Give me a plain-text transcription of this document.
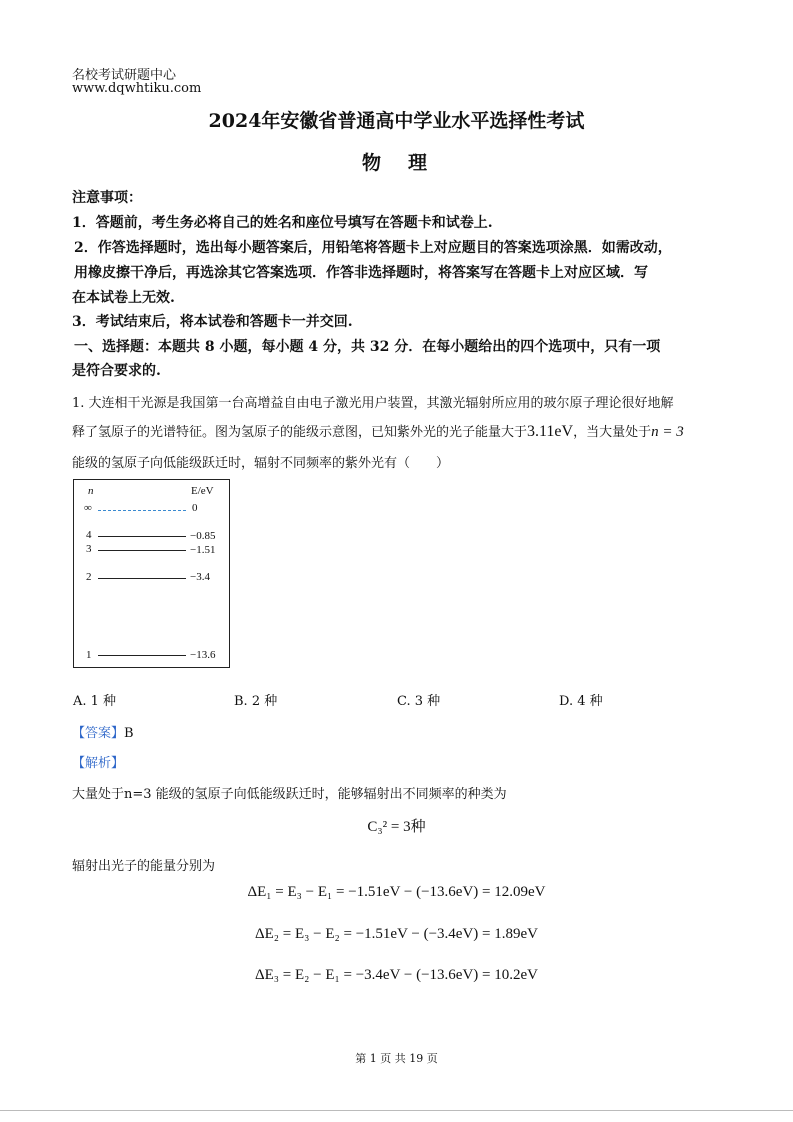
名校考试研题中心
www.dqwhtiku.com
2024年安徽省普通高中学业水平选择性考试
物　理
注意事项：
1．答题前，考生务必将自己的姓名和座位号填写在答题卡和试卷上.
2．作答选择题时，选出每小题答案后，用铅笔将答题卡上对应题目的答案选项涂黑．如需改动，
用橡皮擦干净后，再选涂其它答案选项．作答非选择题时，将答案写在答题卡上对应区域．写
在本试卷上无效.
3．考试结束后，将本试卷和答题卡一并交回.
一、选择题：本题共 8 小题，每小题 4 分，共 32 分．在每小题给出的四个选项中，只有一项
是符合要求的.
1. 大连相干光源是我国第一台高增益自由电子激光用户装置，其激光辐射所应用的玻尔原子理论很好地解
释了氢原子的光谱特征。图为氢原子的能级示意图，已知紫外光的光子能量大于3.11eV，当大量处于n = 3
能级的氢原子向低能级跃迁时，辐射不同频率的紫外光有（　　）
n	E/eV
∞	0
4	−0.85
3	−1.51
2	−3.4
1	−13.6
A. 1 种	B. 2 种	C. 3 种	D. 4 种
【答案】B
【解析】
大量处于n=3 能级的氢原子向低能级跃迁时，能够辐射出不同频率的种类为
C₃² = 3种
辐射出光子的能量分别为
ΔE₁ = E₃ − E₁ = −1.51eV − (−13.6eV) = 12.09eV
ΔE₂ = E₃ − E₂ = −1.51eV − (−3.4eV) = 1.89eV
ΔE₃ = E₂ − E₁ = −3.4eV − (−13.6eV) = 10.2eV
第 1 页 共 19 页
